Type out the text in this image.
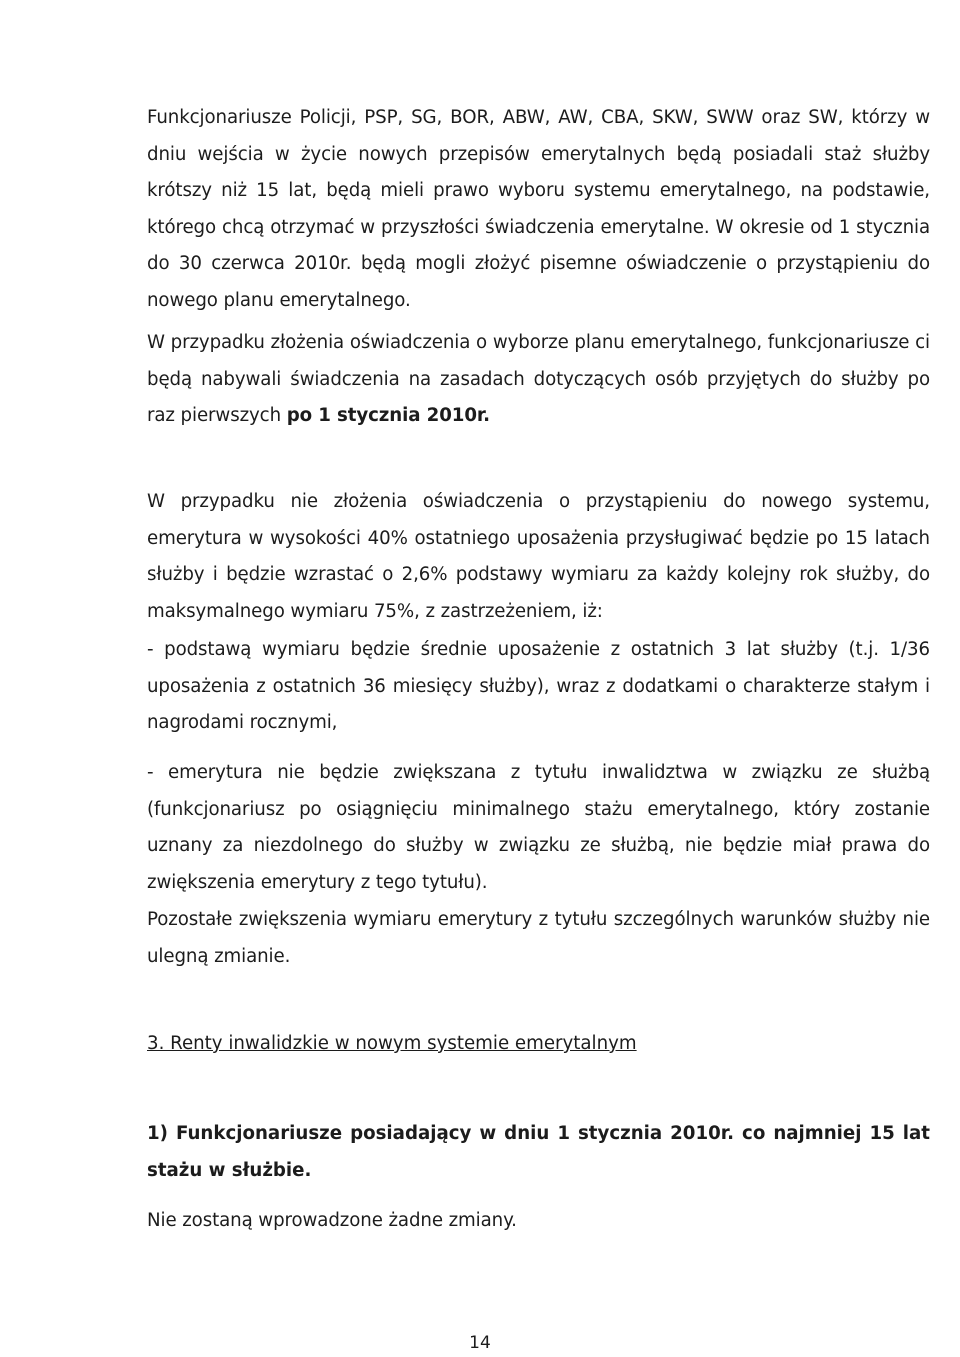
Funkcjonariusze Policji, PSP, SG, BOR, ABW, AW, CBA, SKW, SWW oraz SW, którzy w dniu wejścia w życie nowych przepisów emerytalnych będą posiadali staż służby krótszy niż 15 lat, będą mieli prawo wyboru systemu emerytalnego, na podstawie, którego chcą otrzymać w przyszłości świadczenia emerytalne. W okresie od 1 stycznia do 30 czerwca 2010r. będą mogli złożyć pisemne oświadczenie o przystąpieniu do nowego planu emerytalnego.

W przypadku złożenia oświadczenia o wyborze planu emerytalnego, funkcjonariusze ci będą nabywali świadczenia na zasadach dotyczących osób przyjętych do służby po raz pierwszych po 1 stycznia 2010r.

W przypadku nie złożenia oświadczenia o przystąpieniu do nowego systemu, emerytura w wysokości 40% ostatniego uposażenia przysługiwać będzie po 15 latach służby i będzie wzrastać o 2,6% podstawy wymiaru za każdy kolejny rok służby, do maksymalnego wymiaru 75%, z zastrzeżeniem, iż:

- podstawą wymiaru będzie średnie uposażenie z ostatnich 3 lat służby (t.j. 1/36 uposażenia z ostatnich 36 miesięcy służby), wraz z dodatkami o charakterze stałym i nagrodami rocznymi,

- emerytura nie będzie zwiększana z tytułu inwalidztwa w związku ze służbą (funkcjonariusz po osiągnięciu minimalnego stażu emerytalnego, który zostanie uznany za niezdolnego do służby w związku ze służbą, nie będzie miał prawa do zwiększenia emerytury z tego tytułu).

Pozostałe zwiększenia wymiaru emerytury z tytułu szczególnych warunków służby nie ulegną zmianie.

3. Renty inwalidzkie w nowym systemie emerytalnym

1) Funkcjonariusze posiadający w dniu 1 stycznia 2010r. co najmniej 15 lat stażu w służbie.

Nie zostaną wprowadzone żadne zmiany.

14
